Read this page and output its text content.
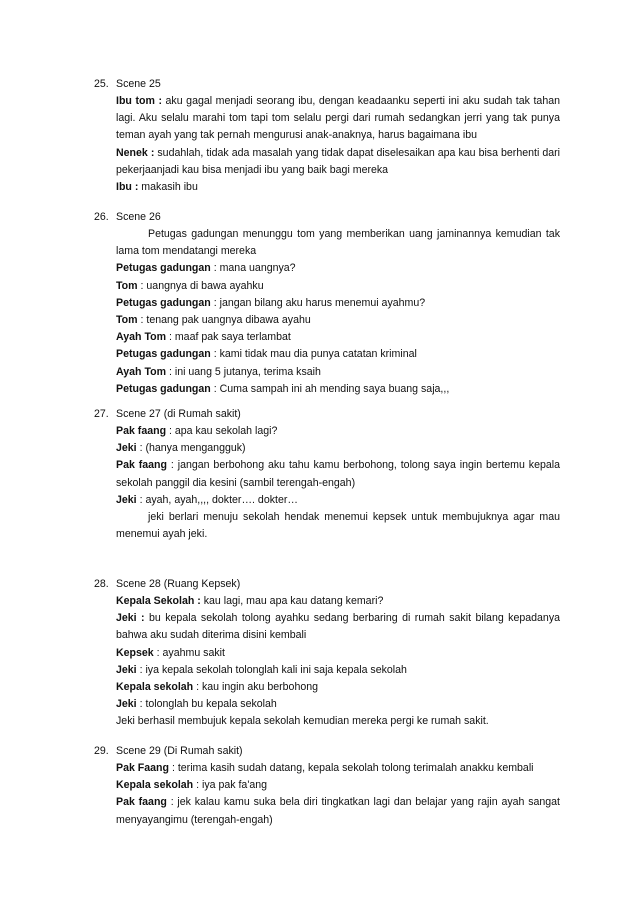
25. Scene 25
Ibu tom : aku gagal menjadi seorang ibu, dengan keadaanku seperti ini aku sudah tak tahan lagi. Aku selalu marahi tom tapi tom selalu pergi dari rumah sedangkan jerri yang tak punya teman ayah yang tak pernah mengurusi anak-anaknya, harus bagaimana ibu
Nenek : sudahlah, tidak ada masalah yang tidak dapat diselesaikan apa kau bisa berhenti dari pekerjaanjadi kau bisa menjadi ibu yang baik bagi mereka
Ibu : makasih ibu
26. Scene 26
Petugas gadungan menunggu tom yang memberikan uang jaminannya kemudian tak lama tom mendatangi mereka
Petugas gadungan : mana uangnya?
Tom : uangnya di bawa ayahku
Petugas gadungan : jangan bilang aku harus menemui ayahmu?
Tom : tenang pak uangnya dibawa ayahu
Ayah Tom : maaf pak saya terlambat
Petugas gadungan : kami tidak mau dia punya catatan kriminal
Ayah Tom : ini uang 5 jutanya, terima ksaih
Petugas gadungan : Cuma sampah ini ah mending saya buang saja,,,
27. Scene 27 (di Rumah sakit)
Pak faang : apa kau sekolah lagi?
Jeki : (hanya mengangguk)
Pak faang : jangan berbohong aku tahu kamu berbohong, tolong saya ingin bertemu kepala sekolah panggil dia kesini (sambil terengah-engah)
Jeki : ayah, ayah,,,, dokter…. dokter…
jeki berlari menuju sekolah hendak menemui kepsek untuk membujuknya agar mau menemui ayah jeki.
28. Scene 28 (Ruang Kepsek)
Kepala Sekolah : kau lagi, mau apa kau datang kemari?
Jeki : bu kepala sekolah tolong ayahku sedang berbaring di rumah sakit bilang kepadanya bahwa aku sudah diterima disini kembali
Kepsek : ayahmu sakit
Jeki : iya kepala sekolah tolonglah kali ini saja kepala sekolah
Kepala sekolah : kau ingin aku berbohong
Jeki : tolonglah bu kepala sekolah
Jeki berhasil membujuk kepala sekolah kemudian mereka pergi ke rumah sakit.
29. Scene 29 (Di Rumah sakit)
Pak Faang : terima kasih sudah datang, kepala sekolah tolong terimalah anakku kembali
Kepala sekolah : iya pak fa'ang
Pak faang : jek kalau kamu suka bela diri tingkatkan lagi dan belajar yang rajin ayah sangat menyayangimu (terengah-engah)
